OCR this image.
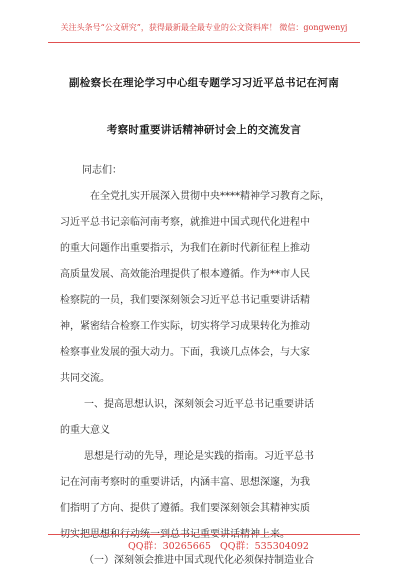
关注头条号“公文研究”，获得最新最全最专业的公文资料库！ 微信：gongwenyj
副检察长在理论学习中心组专题学习习近平总书记在河南
考察时重要讲话精神研讨会上的交流发言
同志们：
在全党扎实开展深入贯彻中央****精神学习教育之际，
习近平总书记亲临河南考察，就推进中国式现代化进程中
的重大问题作出重要指示，为我们在新时代新征程上推动
高质量发展、高效能治理提供了根本遵循。作为**市人民
检察院的一员，我们要深刻领会习近平总书记重要讲话精
神，紧密结合检察工作实际，切实将学习成果转化为推动
检察事业发展的强大动力。下面，我谈几点体会，与大家
共同交流。
一、提高思想认识，深刻领会习近平总书记重要讲话
的重大意义
思想是行动的先导，理论是实践的指南。习近平总书
记在河南考察时的重要讲话，内涵丰富、思想深邃，为我
们指明了方向、提供了遵循。我们要深刻领会其精神实质
切实把思想和行动统一到总书记重要讲话精神上来。
（一）深刻领会推进中国式现代化必须保持制造业合
QQ群：30265665 QQ群：535304092
